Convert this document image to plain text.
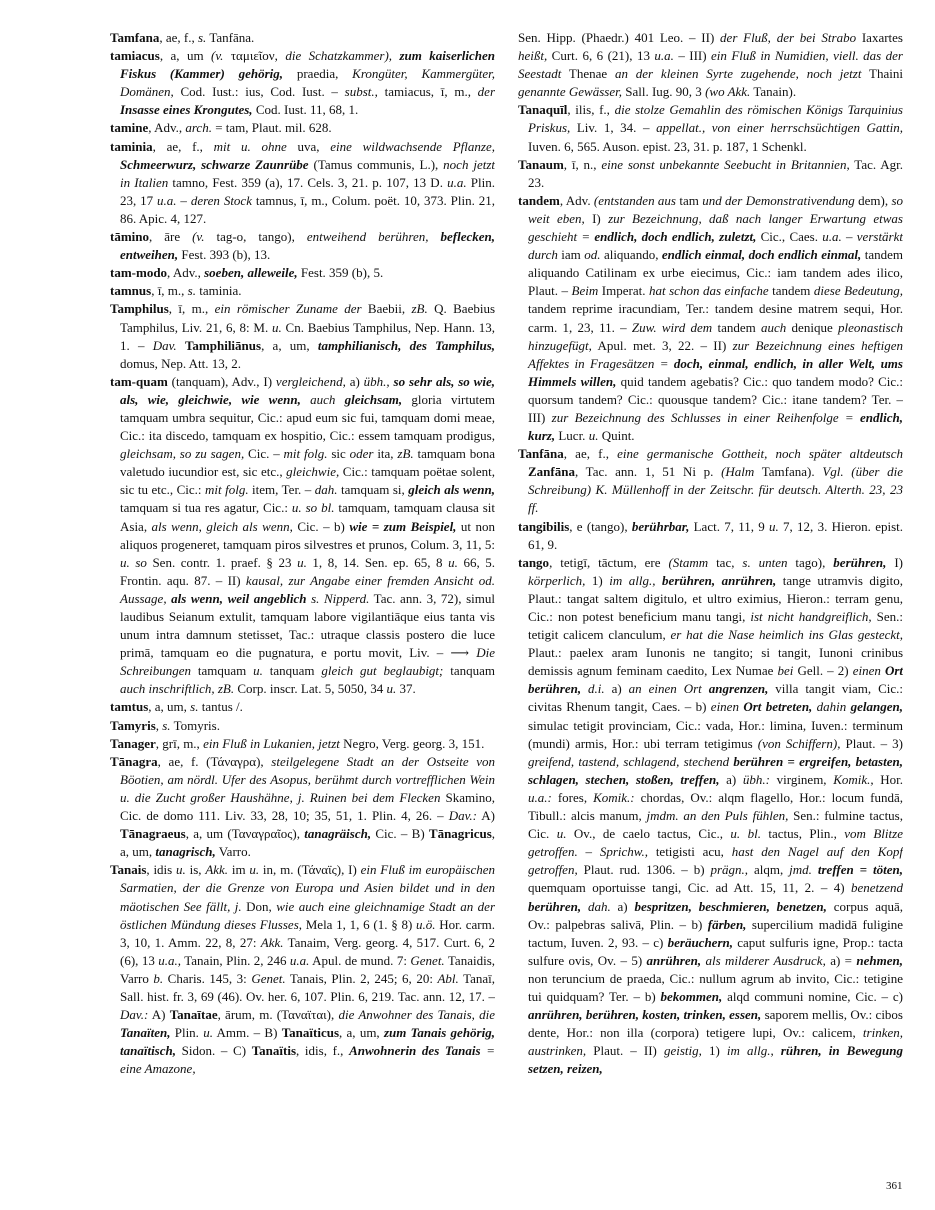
Tamfana, ae, f., s. Tanfāna.

tamiacus, a, um (v. ταμιεῖον, die Schatzkammer), zum kaiserlichen Fiskus (Kammer) gehörig, praedia, Krongüter, Kammergüter, Domänen, Cod. Iust.: ius, Cod. Iust. – subst., tamiacus, ī, m., der Insasse eines Krongutes, Cod. Iust. 11, 68, 1.

tamine, Adv., arch. = tam, Plaut. mil. 628.

taminia, ae, f., mit u. ohne uva, eine wildwachsende Pflanze, Schmeerwurz, schwarze Zaunrübe (Tamus communis, L.), noch jetzt in Italien tamno, Fest. 359 (a), 17. Cels. 3, 21. p. 107, 13 D. u.a. Plin. 23, 17 u.a. – deren Stock tamnus, ī, m., Colum. poët. 10, 373. Plin. 21, 86. Apic. 4, 127.

tāmino, āre (v. tag-o, tango), entweihend berühren, beflecken, entweihen, Fest. 393 (b), 13.

tam-modo, Adv., soeben, alleweile, Fest. 359 (b), 5.

tamnus, ī, m., s. taminia.

Tamphilus, ī, m., ein römischer Zuname der Baebii, zB. Q. Baebius Tamphilus, Liv. 21, 6, 8: M. u. Cn. Baebius Tamphilus, Nep. Hann. 13, 1. – Dav. Tamphiliānus, a, um, tamphilianisch, des Tamphilus, domus, Nep. Att. 13, 2.

tam-quam (tanquam), Adv., I) vergleichend, a) übh., so sehr als, so wie, als, wie, gleichwie, wie wenn, auch gleichsam, gloria virtutem tamquam umbra sequitur, Cic.: apud eum sic fui, tamquam domi meae, Cic.: ita discedo, tamquam ex hospitio, Cic.: essem tamquam prodigus, gleichsam, so zu sagen, Cic. – mit folg. sic oder ita, zB. tamquam bona valetudo iucundior est, sic etc., gleichwie, Cic.: tamquam poëtae solent, sic tu etc., Cic.: mit folg. item, Ter. – dah. tamquam si, gleich als wenn, tamquam si tua res agatur, Cic.: u. so bl. tamquam, tamquam clausa sit Asia, als wenn, gleich als wenn, Cic. – b) wie = zum Beispiel, ut non aliquos progeneret, tamquam piros silvestres et prunos, Colum. 3, 11, 5: u. so Sen. contr. 1. praef. § 23 u. 1, 8, 14. Sen. ep. 65, 8 u. 66, 5. Frontin. aqu. 87. – II) kausal, zur Angabe einer fremden Ansicht od. Aussage, als wenn, weil angeblich s. Nipperd. Tac. ann. 3, 72), simul laudibus Seianum extulit, tamquam labore vigilantiāque eius tanta vis unum intra damnum stetisset, Tac.: utraque classis postero die luce primā, tamquam eo die pugnatura, e portu movit, Liv. – ⟶ Die Schreibungen tamquam u. tanquam gleich gut beglaubigt; tanquam auch inschriftlich, zB. Corp. inscr. Lat. 5, 5050, 34 u. 37.

tamtus, a, um, s. tantus /.

Tamyris, s. Tomyris.

Tanager, grī, m., ein Fluß in Lukanien, jetzt Negro, Verg. georg. 3, 151.

Tānagra, ae, f. (Τάναγρα), steilgelegene Stadt an der Ostseite von Böotien, am nördl. Ufer des Asopus, berühmt durch vortrefflichen Wein u. die Zucht großer Haushähne, j. Ruinen bei dem Flecken Skamino, Cic. de domo 111. Liv. 33, 28, 10; 35, 51, 1. Plin. 4, 26. – Dav.: A) Tānagraeus, a, um (Ταναγραῖος), tanagräisch, Cic. – B) Tānagricus, a, um, tanagrisch, Varro.

Tanais, idis u. is, Akk. im u. in, m. (Τάναϊς), I) ein Fluß im europäischen Sarmatien, der die Grenze von Europa und Asien bildet und in den mäotischen See fällt, j. Don, wie auch eine gleichnamige Stadt an der östlichen Mündung dieses Flusses, Mela 1, 1, 6 (1. § 8) u.ö. Hor. carm. 3, 10, 1. Amm. 22, 8, 27: Akk. Tanaim, Verg. georg. 4, 517. Curt. 6, 2 (6), 13 u.a., Tanain, Plin. 2, 246 u.a. Apul. de mund. 7: Genet. Tanaidis, Varro b. Charis. 145, 3: Genet. Tanais, Plin. 2, 245; 6, 20: Abl. Tanaī, Sall. hist. fr. 3, 69 (46). Ov. her. 6, 107. Plin. 6, 219. Tac. ann. 12, 17. – Dav.: A) Tanaītae, ārum, m. (Ταναϊται), die Anwohner des Tanais, die Tanaïten, Plin. u. Amm. – B) Tanaïticus, a, um, zum Tanais gehörig, tanaïtisch, Sidon. – C) Tanaïtis, idis, f., Anwohnerin des Tanais = eine Amazone,

Sen. Hipp. (Phaedr.) 401 Leo. – II) der Fluß, der bei Strabo Iaxartes heißt, Curt. 6, 6 (21), 13 u.a. – III) ein Fluß in Numidien, viell. das der Seestadt Thenae an der kleinen Syrte zugehende, noch jetzt Thaini genannte Gewässer, Sall. Iug. 90, 3 (wo Akk. Tanain).

Tanaquīl, ilis, f., die stolze Gemahlin des römischen Königs Tarquinius Priskus, Liv. 1, 34. – appellat., von einer herrschsüchtigen Gattin, Iuven. 6, 565. Auson. epist. 23, 31. p. 187, 1 Schenkl.

Tanaum, ī, n., eine sonst unbekannte Seebucht in Britannien, Tac. Agr. 23.

tandem, Adv. (entstanden aus tam und der Demonstrativendung dem), so weit eben, I) zur Bezeichnung, daß nach langer Erwartung etwas geschieht = endlich, doch endlich, zuletzt, Cic., Caes. u.a. – verstärkt durch iam od. aliquando, endlich einmal, doch endlich einmal, tandem aliquando Catilinam ex urbe eiecimus, Cic.: iam tandem ades ilico, Plaut. – Beim Imperat. hat schon das einfache tandem diese Bedeutung, tandem reprime iracundiam, Ter.: tandem desine matrem sequi, Hor. carm. 1, 23, 11. – Zuw. wird dem tandem auch denique pleonastisch hinzugefügt, Apul. met. 3, 22. – II) zur Bezeichnung eines heftigen Affektes in Fragesätzen = doch, einmal, endlich, in aller Welt, ums Himmels willen, quid tandem agebatis? Cic.: quo tandem modo? Cic.: quorsum tandem? Cic.: quousque tandem? Cic.: itane tandem? Ter. – III) zur Bezeichnung des Schlusses in einer Reihenfolge = endlich, kurz, Lucr. u. Quint.

Tanfāna, ae, f., eine germanische Gottheit, noch später altdeutsch Zanfāna, Tac. ann. 1, 51 Ni p. (Halm Tamfana). Vgl. (über die Schreibung) K. Müllenhoff in der Zeitschr. für deutsch. Alterth. 23, 23 ff.

tangibilis, e (tango), berührbar, Lact. 7, 11, 9 u. 7, 12, 3. Hieron. epist. 61, 9.

tango, tetigī, tāctum, ere (Stamm tac, s. unten tago), berühren, I) körperlich, 1) im allg., berühren, anrühren, tange utramvis digito, Plaut.: tangat saltem digitulo, et ultro eximius, Hieron.: terram genu, Cic.: non potest beneficium manu tangi, ist nicht handgreiflich, Sen.: tetigit calicem clanculum, er hat die Nase heimlich ins Glas gesteckt, Plaut.: paelex aram Iunonis ne tangito; si tangit, Iunoni crinibus demissis agnum feminam caedito, Lex Numae bei Gell. – 2) einen Ort berühren, d.i. a) an einen Ort angrenzen, villa tangit viam, Cic.: civitas Rhenum tangit, Caes. – b) einen Ort betreten, dahin gelangen, simulac tetigit provinciam, Cic.: vada, Hor.: limina, Iuven.: terminum (mundi) armis, Hor.: ubi terram tetigimus (von Schiffern), Plaut. – 3) greifend, tastend, schlagend, stechend berühren = ergreifen, betasten, schlagen, stechen, stoßen, treffen, a) übh.: virginem, Komik., Hor. u.a.: fores, Komik.: chordas, Ov.: alqm flagello, Hor.: locum fundā, Tibull.: alcis manum, jmdm. an den Puls fühlen, Sen.: fulmine tactus, Cic. u. Ov., de caelo tactus, Cic., u. bl. tactus, Plin., vom Blitze getroffen. – Sprichw., tetigisti acu, hast den Nagel auf den Kopf getroffen, Plaut. rud. 1306. – b) prägn., alqm, jmd. treffen = töten, quemquam oportuisse tangi, Cic. ad Att. 15, 11, 2. – 4) benetzend berühren, dah. a) bespritzen, beschmieren, benetzen, corpus aquā, Ov.: palpebras salivā, Plin. – b) färben, supercilium madidā fuligine tactum, Iuven. 2, 93. – c) beräuchern, caput sulfuris igne, Prop.: tacta sulfure ovis, Ov. – 5) anrühren, als milderer Ausdruck, a) = nehmen, non teruncium de praeda, Cic.: nullum agrum ab invito, Cic.: tetigine tui quidquam? Ter. – b) bekommen, alqd communi nomine, Cic. – c) anrühren, berühren, kosten, trinken, essen, saporem mellis, Ov.: cibos dente, Hor.: non illa (corpora) tetigere lupi, Ov.: calicem, trinken, austrinken, Plaut. – II) geistig, 1) im allg., rühren, in Bewegung setzen, reizen,

361
